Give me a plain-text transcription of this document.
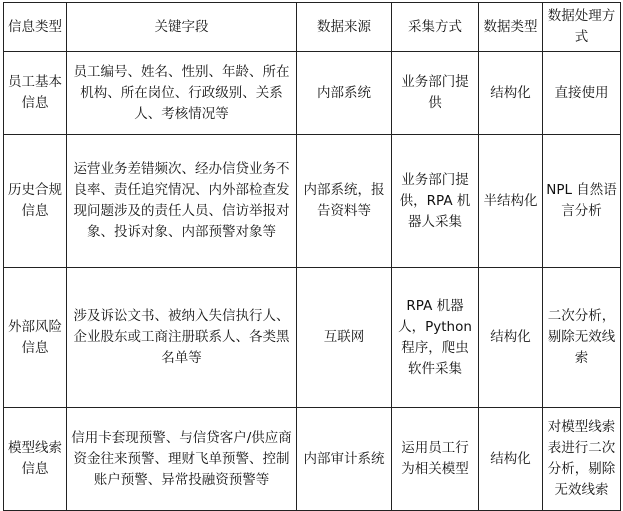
信息类型	关键字段	数据来源	采集方式	数据类型	数据处理方式
员工基本信息	员工编号、姓名、性别、年龄、所在机构、所在岗位、行政级别、关系人、考核情况等	内部系统	业务部门提供	结构化	直接使用
历史合规信息	运营业务差错频次、经办信贷业务不良率、责任追究情况、内外部检查发现问题涉及的责任人员、信访举报对象、投诉对象、内部预警对象等	内部系统，报告资料等	业务部门提供，RPA 机器人采集	半结构化	NPL 自然语言分析
外部风险信息	涉及诉讼文书、被纳入失信执行人、企业股东或工商注册联系人、各类黑名单等	互联网	RPA 机器人，Python 程序，爬虫软件采集	结构化	二次分析，剔除无效线索
模型线索信息	信用卡套现预警、与信贷客户/供应商资金往来预警、理财飞单预警、控制账户预警、异常投融资预警等	内部审计系统	运用员工行为相关模型	结构化	对模型线索表进行二次分析，剔除无效线索
